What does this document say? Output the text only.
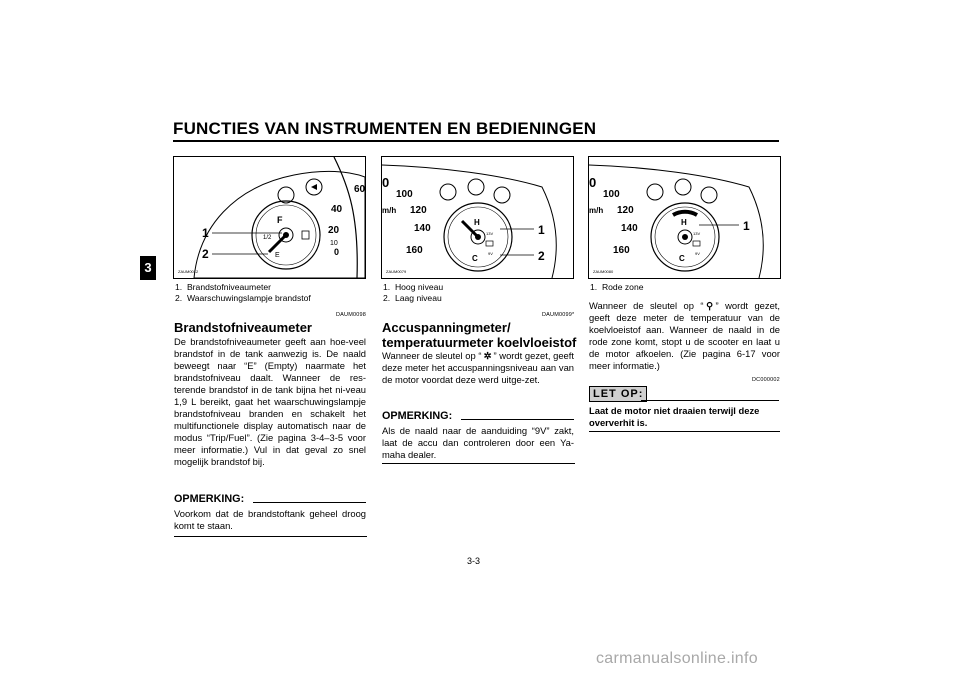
FUNCTIES VAN INSTRUMENTEN EN BEDIENINGEN
3
60
40
20
10
0
F
1/2
E
1
2
ZAUM0012
1.  Brandstofniveaumeter
2.  Waarschuwingslampje brandstof
DAUM0098
Brandstofniveaumeter
De brandstofniveaumeter geeft aan hoe-veel brandstof in de tank aanwezig is. De naald beweegt naar “E” (Empty) naarmate het brandstofniveau daalt. Wanneer de res-terende brandstof in de tank bijna het ni-veau 1,9 L bereikt, gaat het waarschuwingslampje brandstofniveau branden en schakelt het multifunctionele display automatisch naar de modus “Trip/Fuel”. (Zie pagina 3-4–3-5 voor meer informatie.) Vul in dat geval zo snel mogelijk brandstof bij.
OPMERKING:
Voorkom dat de brandstoftank geheel droog komt te staan.
0
100
120
140
160
m/h
H
C
13V
9V
1
2
ZAUM0079
1.  Hoog niveau
2.  Laag niveau
DAUM0099*
Accuspanningmeter/
temperatuurmeter koelvloeistof
Wanneer de sleutel op “ ✲ ” wordt gezet, geeft deze meter het accuspanningsniveau aan van de motor voordat deze werd uitge-zet.
OPMERKING:
Als de naald naar de aanduiding “9V” zakt, laat de accu dan controleren door een Ya-maha dealer.
0
100
120
140
160
m/h
H
C
13V
9V
1
ZAUM0080
1.  Rode zone
Wanneer de sleutel op “ ⚲ ” wordt gezet, geeft deze meter de temperatuur van de koelvloeistof aan. Wanneer de naald in de rode zone komt, stopt u de scooter en laat u de motor afkoelen. (Zie pagina 6-17 voor meer informatie.)
DC000002
LET OP:
Laat de motor niet draaien terwijl deze oververhit is.
3-3
carmanualsonline.info
